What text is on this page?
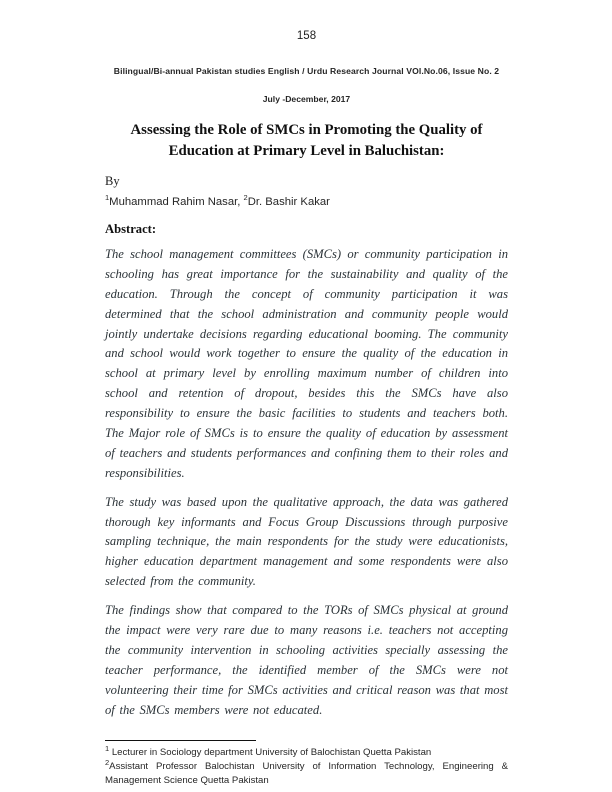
158

Bilingual/Bi-annual Pakistan studies English / Urdu Research Journal VOl.No.06, Issue No. 2

July -December, 2017

Assessing the Role of SMCs in Promoting the Quality of Education at Primary Level in Baluchistan:

By

$^1$Muhammad Rahim Nasar, $^2$Dr. Bashir Kakar

Abstract:

The school management committees (SMCs) or community participation in schooling has great importance for the sustainability and quality of the education. Through the concept of community participation it was determined that the school administration and community people would jointly undertake decisions regarding educational booming. The community and school would work together to ensure the quality of the education in school at primary level by enrolling maximum number of children into school and retention of dropout, besides this the SMCs have also responsibility to ensure the basic facilities to students and teachers both. The Major role of SMCs is to ensure the quality of education by assessment of teachers and students performances and confining them to their roles and responsibilities.

The study was based upon the qualitative approach, the data was gathered thorough key informants and Focus Group Discussions through purposive sampling technique, the main respondents for the study were educationists, higher education department management and some respondents were also selected from the community.

The findings show that compared to the TORs of SMCs physical at ground the impact were very rare due to many reasons i.e. teachers not accepting the community intervention in schooling activities specially assessing the teacher performance, the identified member of the SMCs were not volunteering their time for SMCs activities and critical reason was that most of the SMCs members were not educated.

$^1$ Lecturer in Sociology department University of Balochistan Quetta Pakistan

$^2$Assistant Professor Balochistan University of Information Technology, Engineering & Management Science Quetta Pakistan
